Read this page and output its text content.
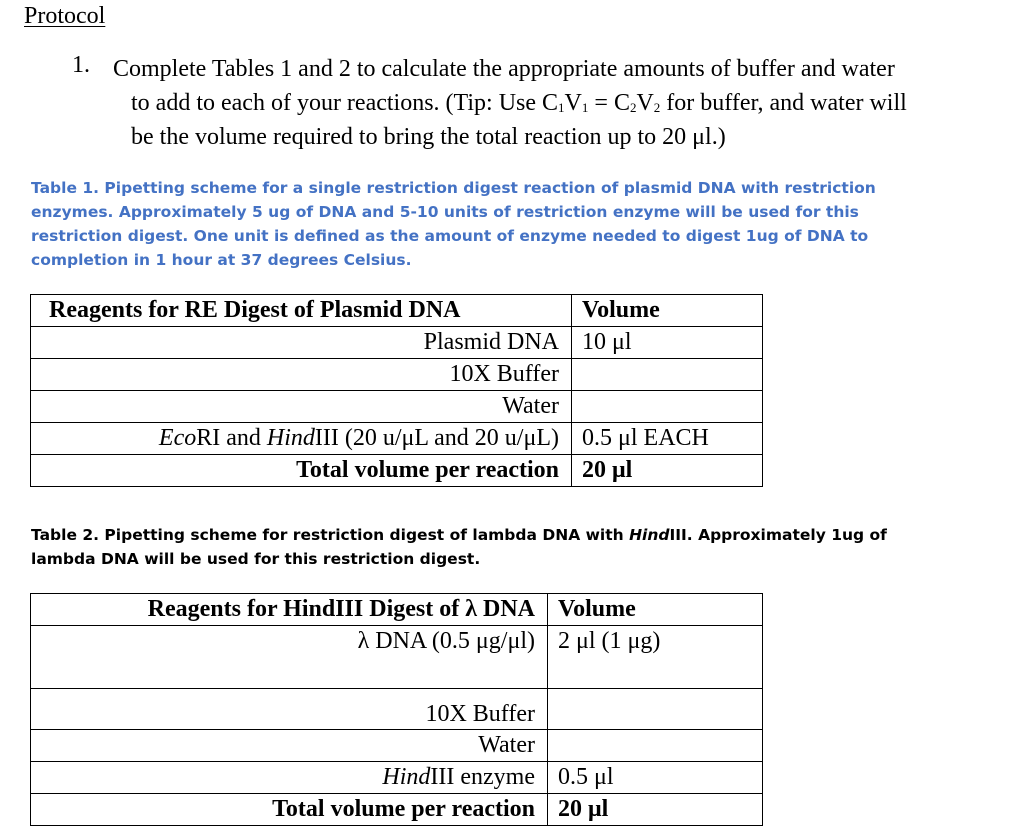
Protocol
1. Complete Tables 1 and 2 to calculate the appropriate amounts of buffer and water
to add to each of your reactions. (Tip: Use $C_1V_1 = C_2V_2$ for buffer, and water will
be the volume required to bring the total reaction up to 20 μl.)
Table 1. Pipetting scheme for a single restriction digest reaction of plasmid DNA with restriction
enzymes. Approximately 5 ug of DNA and 5-10 units of restriction enzyme will be used for this
restriction digest. One unit is defined as the amount of enzyme needed to digest 1ug of DNA to
completion in 1 hour at 37 degrees Celsius.
Reagents for RE Digest of Plasmid DNA	Volume
Plasmid DNA	10 μl
10X Buffer	
Water	
EcoRI and HindIII (20 u/μL and 20 u/μL)	0.5 μl EACH
Total volume per reaction	20 μl
Table 2. Pipetting scheme for restriction digest of lambda DNA with HindIII. Approximately 1ug of
lambda DNA will be used for this restriction digest.
Reagents for HindIII Digest of λ DNA	Volume
λ DNA (0.5 μg/μl)	2 μl (1 μg)
10X Buffer	
Water	
HindIII enzyme	0.5 μl
Total volume per reaction	20 μl
